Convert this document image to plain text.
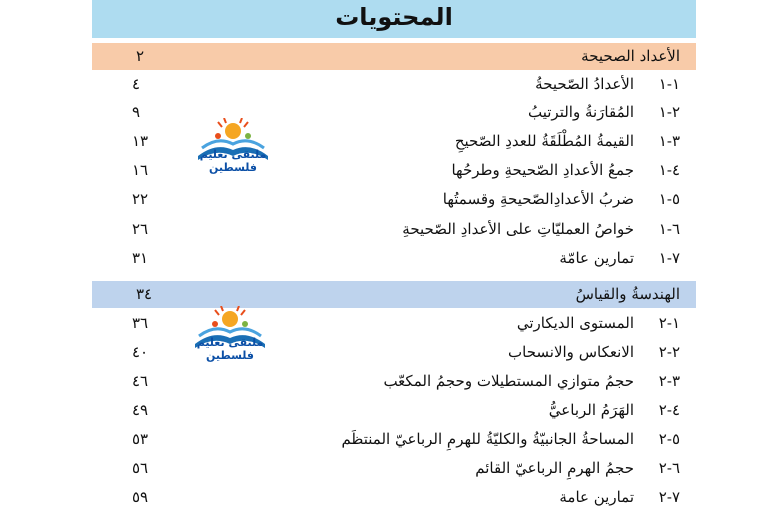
المحتويات
الأعداد الصحيحة
٢
١-١
الأعدادُ الصّحيحةُ
٤
٢-١
المُقارَنةُ والترتيبُ
٩
٣-١
القيمةُ المُطْلَقَةُ للعددِ الصّحيحِ
١٣
٤-١
جمعُ الأعدادِ الصّحيحةِ وطرحُها
١٦
٥-١
ضربُ الأعدادِالصّحيحةِ وقسمتُها
٢٢
٦-١
خواصُ العمليّاتِ على الأعدادِ الصّحيحةِ
٢٦
٧-١
تمارين عامّة
٣١
الهندسةُ والقياسُ
٣٤
١-٢
المستوى الديكارتي
٣٦
٢-٢
الانعكاس والانسحاب
٤٠
٣-٢
حجمُ متوازي المستطيلات وحجمُ المكعّب
٤٦
٤-٢
الهَرَمُ الرباعيُّ
٤٩
٥-٢
المساحةُ الجانبيّةُ والكليّةُ للهرمِ الرباعيّ المنتظَم
٥٣
٦-٢
حجمُ الهرمِ الرباعيّ القائم
٥٦
٧-٢
تمارين عامة
٥٩
ملتقى تعليم فلسطين
ملتقى تعليم فلسطين
